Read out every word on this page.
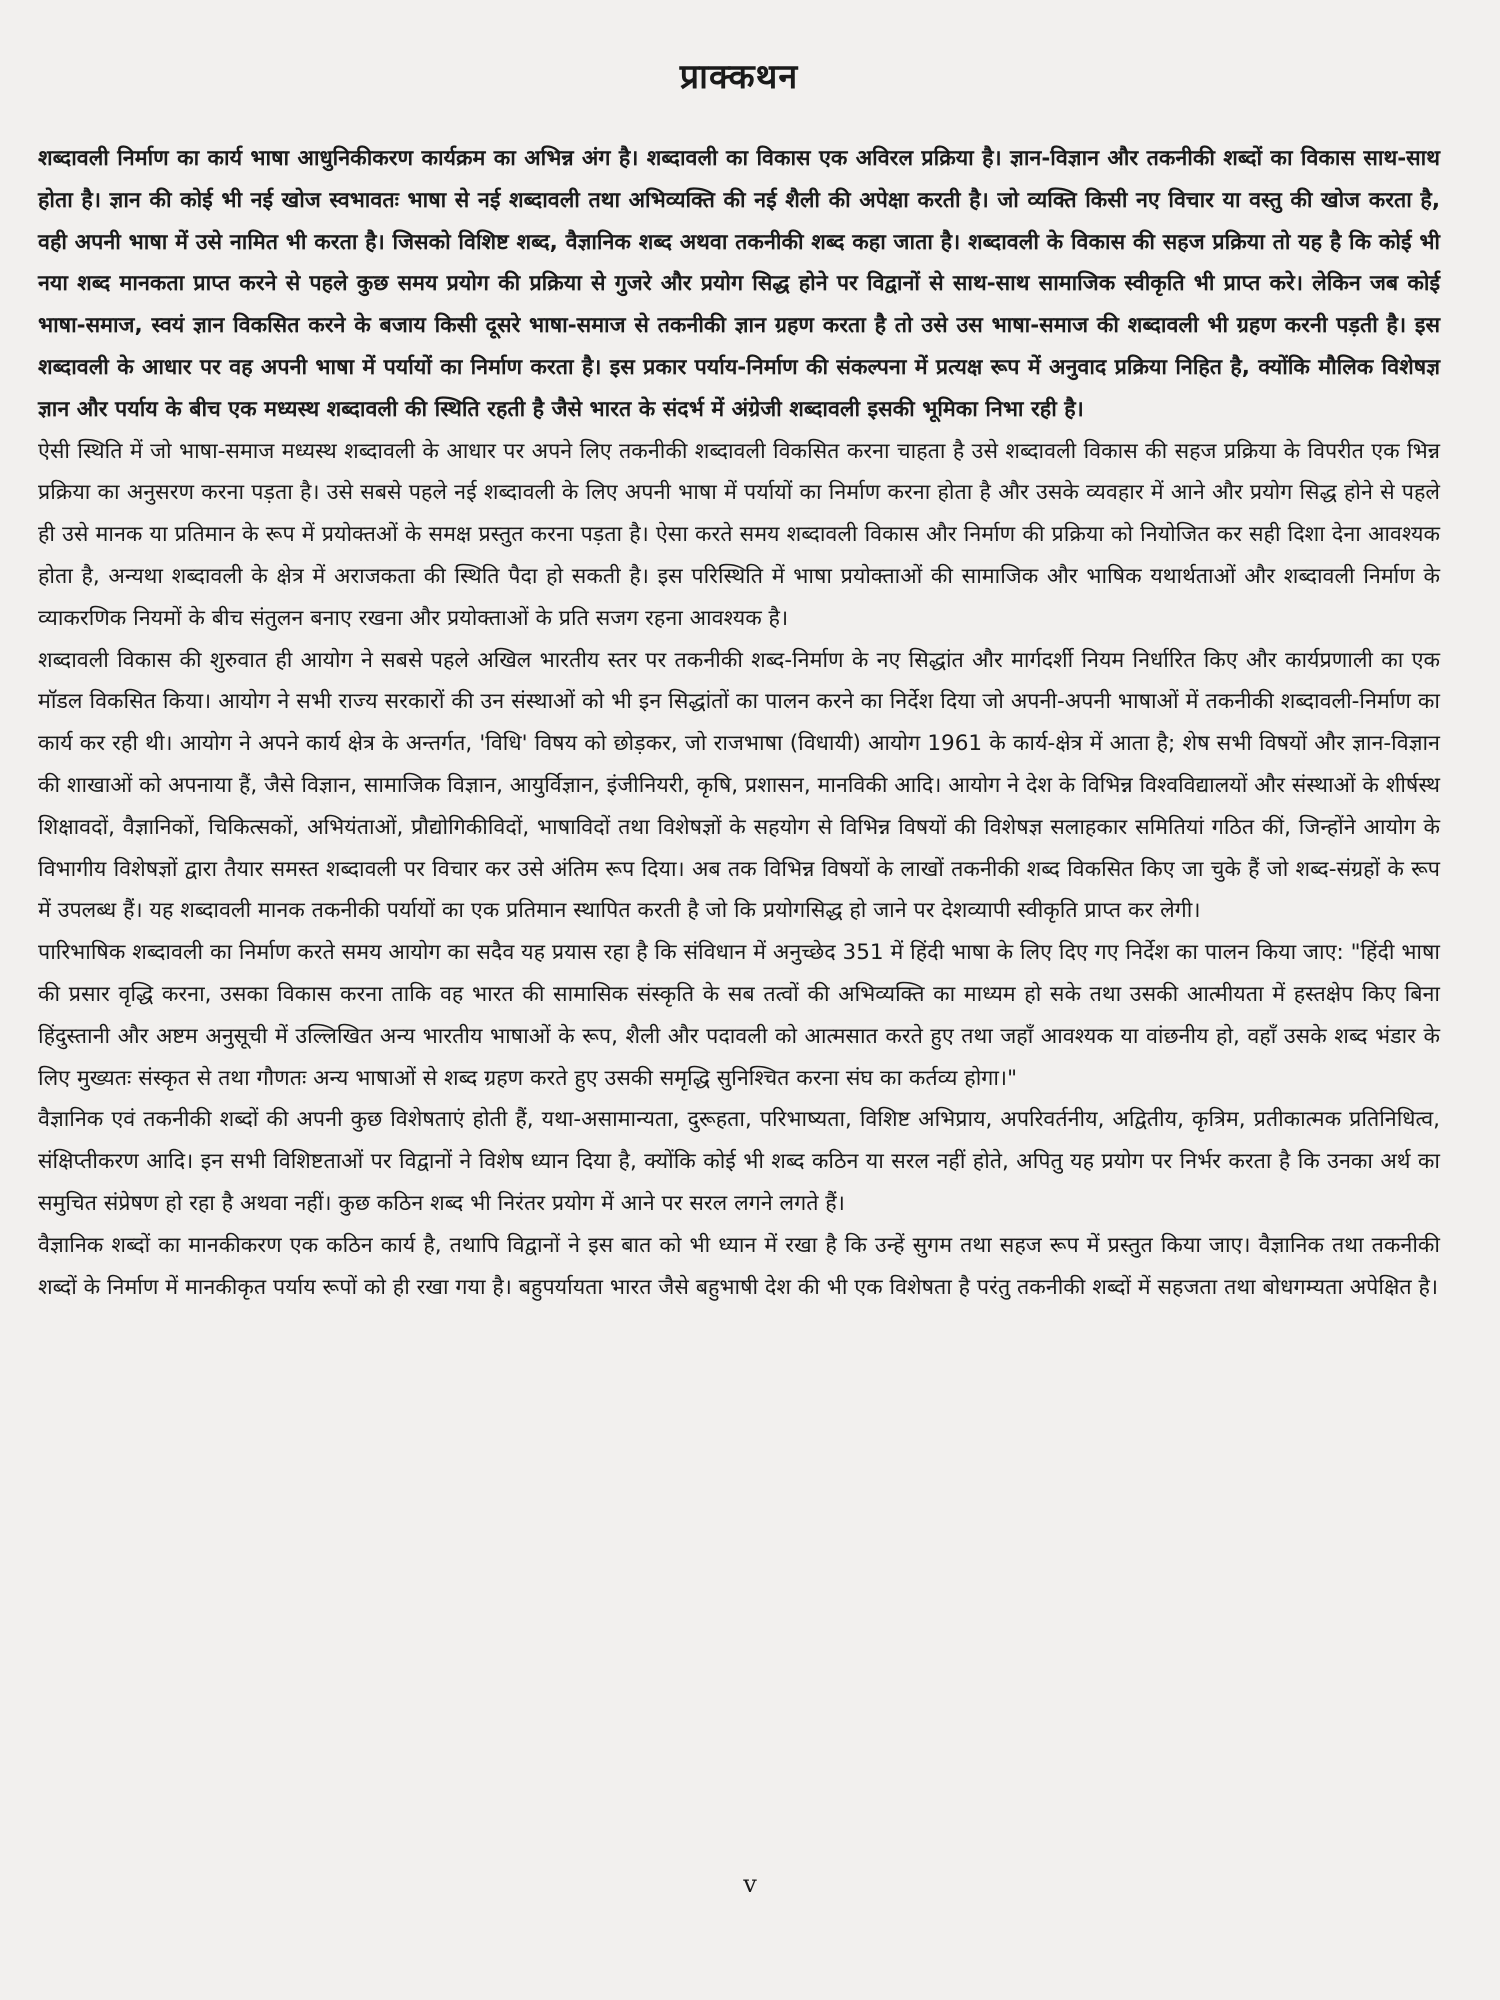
प्राक्कथन

शब्दावली निर्माण का कार्य भाषा आधुनिकीकरण कार्यक्रम का अभिन्न अंग है। शब्दावली का विकास एक अविरल प्रक्रिया है। ज्ञान-विज्ञान और तकनीकी शब्दों का विकास साथ-साथ होता है। ज्ञान की कोई भी नई खोज स्वभावतः भाषा से नई शब्दावली तथा अभिव्यक्ति की नई शैली की अपेक्षा करती है। जो व्यक्ति किसी नए विचार या वस्तु की खोज करता है, वही अपनी भाषा में उसे नामित भी करता है। जिसको विशिष्ट शब्द, वैज्ञानिक शब्द अथवा तकनीकी शब्द कहा जाता है। शब्दावली के विकास की सहज प्रक्रिया तो यह है कि कोई भी नया शब्द मानकता प्राप्त करने से पहले कुछ समय प्रयोग की प्रक्रिया से गुजरे और प्रयोग सिद्ध होने पर विद्वानों से साथ-साथ सामाजिक स्वीकृति भी प्राप्त करे। लेकिन जब कोई भाषा-समाज, स्वयं ज्ञान विकसित करने के बजाय किसी दूसरे भाषा-समाज से तकनीकी ज्ञान ग्रहण करता है तो उसे उस भाषा-समाज की शब्दावली भी ग्रहण करनी पड़ती है। इस शब्दावली के आधार पर वह अपनी भाषा में पर्यायों का निर्माण करता है। इस प्रकार पर्याय-निर्माण की संकल्पना में प्रत्यक्ष रूप में अनुवाद प्रक्रिया निहित है, क्योंकि मौलिक विशेषज्ञ ज्ञान और पर्याय के बीच एक मध्यस्थ शब्दावली की स्थिति रहती है जैसे भारत के संदर्भ में अंग्रेजी शब्दावली इसकी भूमिका निभा रही है।

ऐसी स्थिति में जो भाषा-समाज मध्यस्थ शब्दावली के आधार पर अपने लिए तकनीकी शब्दावली विकसित करना चाहता है उसे शब्दावली विकास की सहज प्रक्रिया के विपरीत एक भिन्न प्रक्रिया का अनुसरण करना पड़ता है। उसे सबसे पहले नई शब्दावली के लिए अपनी भाषा में पर्यायों का निर्माण करना होता है और उसके व्यवहार में आने और प्रयोग सिद्ध होने से पहले ही उसे मानक या प्रतिमान के रूप में प्रयोक्तओं के समक्ष प्रस्तुत करना पड़ता है। ऐसा करते समय शब्दावली विकास और निर्माण की प्रक्रिया को नियोजित कर सही दिशा देना आवश्यक होता है, अन्यथा शब्दावली के क्षेत्र में अराजकता की स्थिति पैदा हो सकती है। इस परिस्थिति में भाषा प्रयोक्ताओं की सामाजिक और भाषिक यथार्थताओं और शब्दावली निर्माण के व्याकरणिक नियमों के बीच संतुलन बनाए रखना और प्रयोक्ताओं के प्रति सजग रहना आवश्यक है।

शब्दावली विकास की शुरुवात ही आयोग ने सबसे पहले अखिल भारतीय स्तर पर तकनीकी शब्द-निर्माण के नए सिद्धांत और मार्गदर्शी नियम निर्धारित किए और कार्यप्रणाली का एक मॉडल विकसित किया। आयोग ने सभी राज्य सरकारों की उन संस्थाओं को भी इन सिद्धांतों का पालन करने का निर्देश दिया जो अपनी-अपनी भाषाओं में तकनीकी शब्दावली-निर्माण का कार्य कर रही थी। आयोग ने अपने कार्य क्षेत्र के अन्तर्गत, 'विधि' विषय को छोड़कर, जो राजभाषा (विधायी) आयोग 1961 के कार्य-क्षेत्र में आता है; शेष सभी विषयों और ज्ञान-विज्ञान की शाखाओं को अपनाया हैं, जैसे विज्ञान, सामाजिक विज्ञान, आयुर्विज्ञान, इंजीनियरी, कृषि, प्रशासन, मानविकी आदि। आयोग ने देश के विभिन्न विश्वविद्यालयों और संस्थाओं के शीर्षस्थ शिक्षावदों, वैज्ञानिकों, चिकित्सकों, अभियंताओं, प्रौद्योगिकीविदों, भाषाविदों तथा विशेषज्ञों के सहयोग से विभिन्न विषयों की विशेषज्ञ सलाहकार समितियां गठित कीं, जिन्होंने आयोग के विभागीय विशेषज्ञों द्वारा तैयार समस्त शब्दावली पर विचार कर उसे अंतिम रूप दिया। अब तक विभिन्न विषयों के लाखों तकनीकी शब्द विकसित किए जा चुके हैं जो शब्द-संग्रहों के रूप में उपलब्ध हैं। यह शब्दावली मानक तकनीकी पर्यायों का एक प्रतिमान स्थापित करती है जो कि प्रयोगसिद्ध हो जाने पर देशव्यापी स्वीकृति प्राप्त कर लेगी।

पारिभाषिक शब्दावली का निर्माण करते समय आयोग का सदैव यह प्रयास रहा है कि संविधान में अनुच्छेद 351 में हिंदी भाषा के लिए दिए गए निर्देश का पालन किया जाए: "हिंदी भाषा की प्रसार वृद्धि करना, उसका विकास करना ताकि वह भारत की सामासिक संस्कृति के सब तत्वों की अभिव्यक्ति का माध्यम हो सके तथा उसकी आत्मीयता में हस्तक्षेप किए बिना हिंदुस्तानी और अष्टम अनुसूची में उल्लिखित अन्य भारतीय भाषाओं के रूप, शैली और पदावली को आत्मसात करते हुए तथा जहाँ आवश्यक या वांछनीय हो, वहाँ उसके शब्द भंडार के लिए मुख्यतः संस्कृत से तथा गौणतः अन्य भाषाओं से शब्द ग्रहण करते हुए उसकी समृद्धि सुनिश्चित करना संघ का कर्तव्य होगा।"

वैज्ञानिक एवं तकनीकी शब्दों की अपनी कुछ विशेषताएं होती हैं, यथा-असामान्यता, दुरूहता, परिभाष्यता, विशिष्ट अभिप्राय, अपरिवर्तनीय, अद्वितीय, कृत्रिम, प्रतीकात्मक प्रतिनिधित्व, संक्षिप्तीकरण आदि। इन सभी विशिष्टताओं पर विद्वानों ने विशेष ध्यान दिया है, क्योंकि कोई भी शब्द कठिन या सरल नहीं होते, अपितु यह प्रयोग पर निर्भर करता है कि उनका अर्थ का समुचित संप्रेषण हो रहा है अथवा नहीं। कुछ कठिन शब्द भी निरंतर प्रयोग में आने पर सरल लगने लगते हैं।

वैज्ञानिक शब्दों का मानकीकरण एक कठिन कार्य है, तथापि विद्वानों ने इस बात को भी ध्यान में रखा है कि उन्हें सुगम तथा सहज रूप में प्रस्तुत किया जाए। वैज्ञानिक तथा तकनीकी शब्दों के निर्माण में मानकीकृत पर्याय रूपों को ही रखा गया है। बहुपर्यायता भारत जैसे बहुभाषी देश की भी एक विशेषता है परंतु तकनीकी शब्दों में सहजता तथा बोधगम्यता अपेक्षित है।

v
